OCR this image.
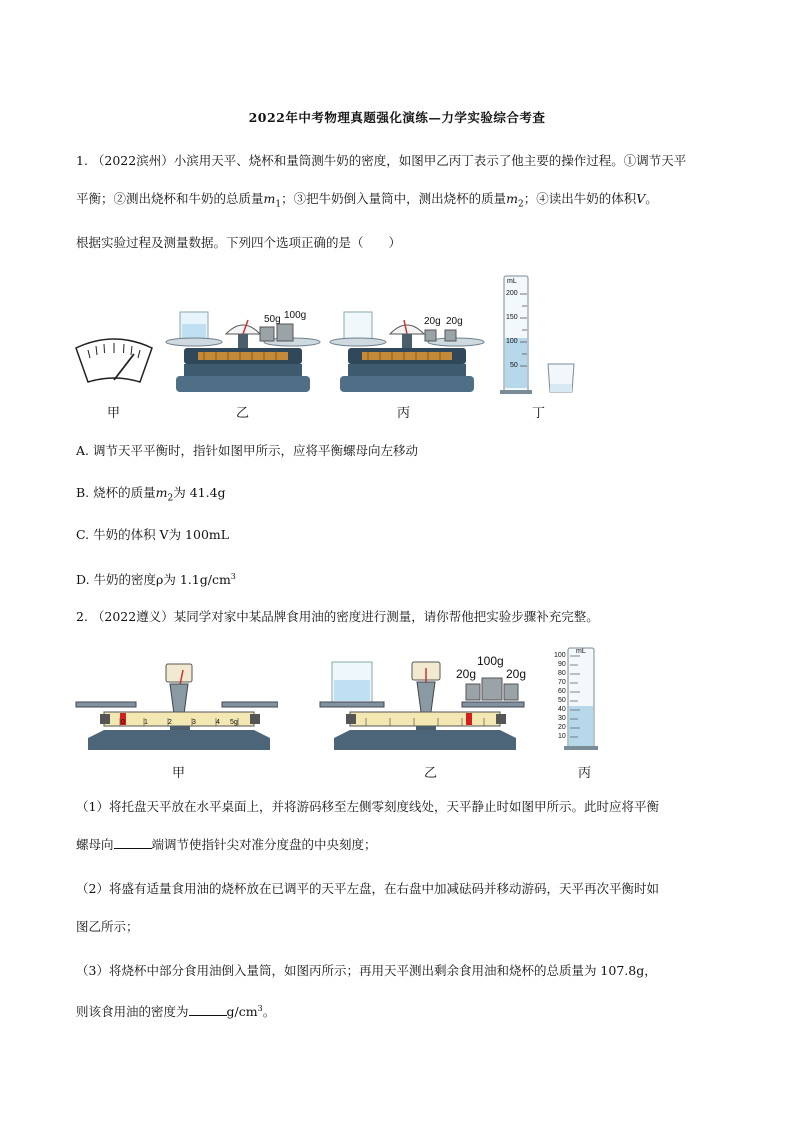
2022年中考物理真题强化演练—力学实验综合考查
1. （2022滨州）小滨用天平、烧杯和量筒测牛奶的密度，如图甲乙丙丁表示了他主要的操作过程。①调节天平
平衡；②测出烧杯和牛奶的总质量$m_1$；③把牛奶倒入量筒中，测出烧杯的质量$m_2$；④读出牛奶的体积V。
根据实验过程及测量数据。下列四个选项正确的是（　　）
50g 100g
20g 20g
mL
200
150
100
50
甲	乙	丙	丁
A. 调节天平平衡时，指针如图甲所示，应将平衡螺母向左移动
B. 烧杯的质量$m_2$为 41.4g
C. 牛奶的体积 V为 100mL
D. 牛奶的密度ρ为 $1.1g/cm^3$
2. （2022遵义）某同学对家中某品牌食用油的密度进行测量，请你帮他把实验步骤补充完整。
0	1	2	3	4 5g
20g
100g
20g
mL
100
90
80
70
60
50
40
30
20
10
甲	乙	丙
（1）将托盘天平放在水平桌面上，并将游码移至左侧零刻度线处，天平静止时如图甲所示。此时应将平衡
螺母向	端调节使指针尖对准分度盘的中央刻度；
（2）将盛有适量食用油的烧杯放在已调平的天平左盘，在右盘中加减砝码并移动游码，天平再次平衡时如
图乙所示；
（3）将烧杯中部分食用油倒入量筒，如图丙所示；再用天平测出剩余食用油和烧杯的总质量为 107.8g，
则该食用油的密度为	$g/cm^3$。
